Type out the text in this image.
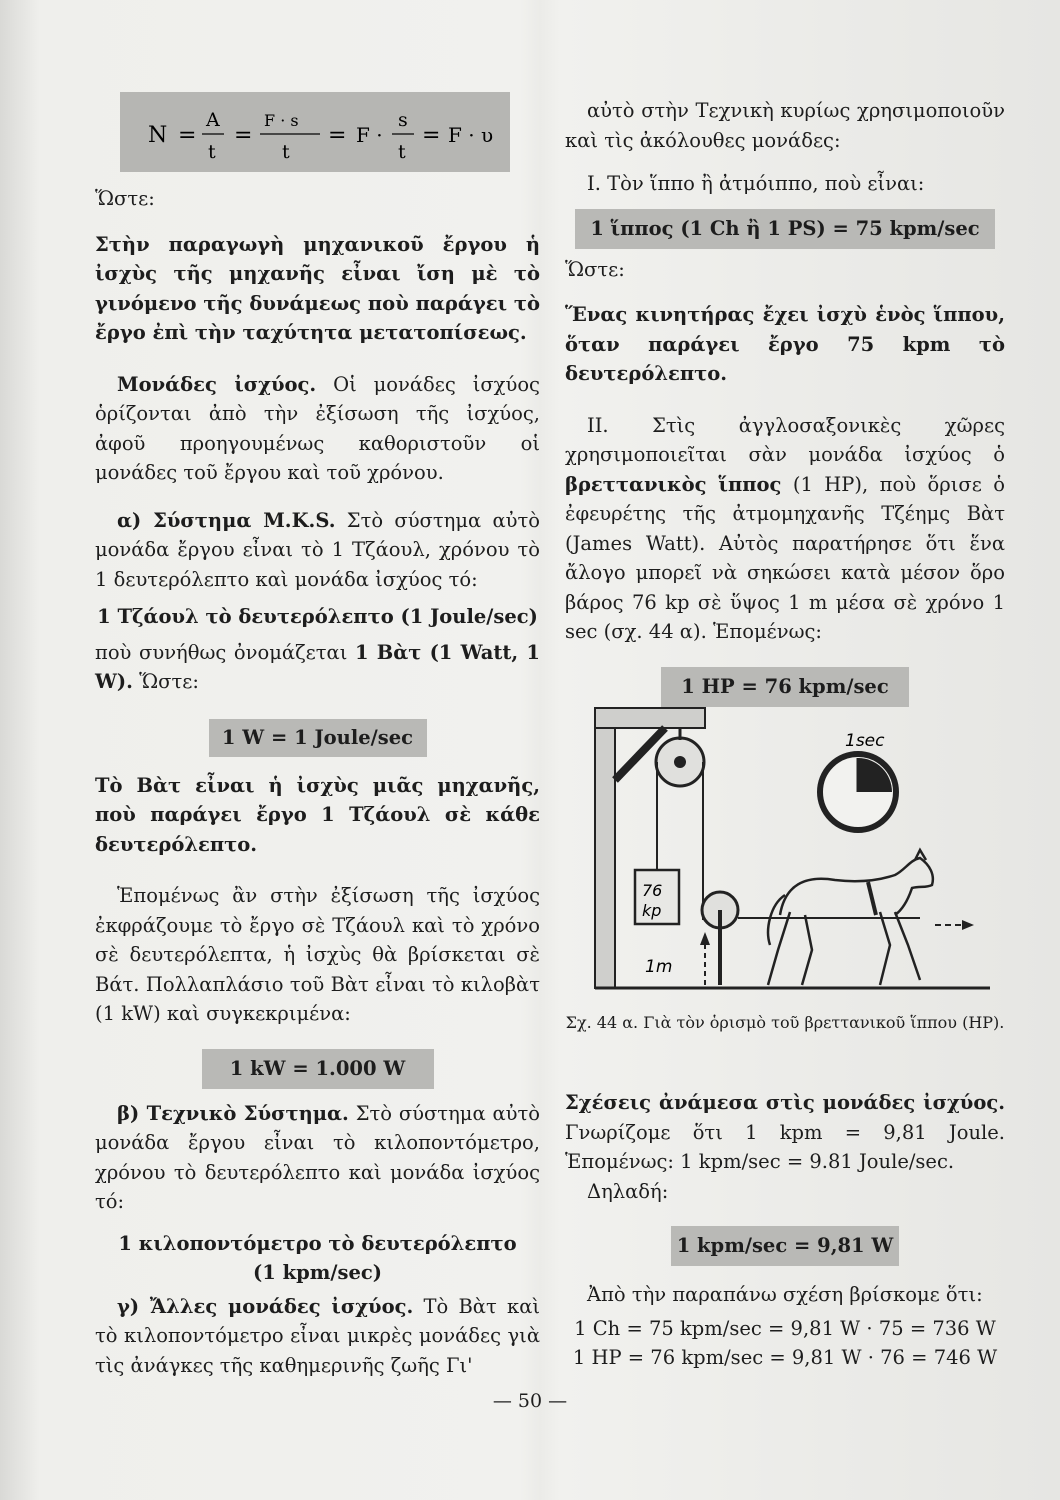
N =
A
t
=
F · s
t
= F ·
s
t
= F · υ

Ὥστε:

Στὴν παραγωγὴ μηχανικοῦ ἔργου ἡ ἰσχὺς τῆς μηχανῆς εἶναι ἴση μὲ τὸ γινόμενο τῆς δυνάμεως ποὺ παράγει τὸ ἔργο ἐπὶ τὴν ταχύτητα μετατοπίσεως.

Μονάδες ἰσχύος. Οἱ μονάδες ἰσχύος ὁρίζονται ἀπὸ τὴν ἐξίσωση τῆς ἰσχύος, ἀφοῦ προηγουμένως καθοριστοῦν οἱ μονάδες τοῦ ἔργου καὶ τοῦ χρόνου.

α) Σύστημα Μ.K.S. Στὸ σύστημα αὐτὸ μονάδα ἔργου εἶναι τὸ 1 Τζάουλ, χρόνου τὸ 1 δευτερόλεπτο καὶ μονάδα ἰσχύος τό:

1 Τζάουλ τὸ δευτερόλεπτο (1 Joule/sec)

ποὺ συνήθως ὀνομάζεται 1 Βὰτ (1 Watt, 1 W). Ὥστε:

1 W = 1 Joule/sec

Τὸ Βὰτ εἶναι ἡ ἰσχὺς μιᾶς μηχανῆς, ποὺ παράγει ἔργο 1 Τζάουλ σὲ κάθε δευτερόλεπτο.

Ἑπομένως ἂν στὴν ἐξίσωση τῆς ἰσχύος ἐκφράζουμε τὸ ἔργο σὲ Τζάουλ καὶ τὸ χρόνο σὲ δευτερόλεπτα, ἡ ἰσχὺς θὰ βρίσκεται σὲ Βάτ. Πολλαπλάσιο τοῦ Βὰτ εἶναι τὸ κιλοβὰτ (1 kW) καὶ συγκεκριμένα:

1 kW = 1.000 W

β) Τεχνικὸ Σύστημα. Στὸ σύστημα αὐτὸ μονάδα ἔργου εἶναι τὸ κιλοποντόμετρο, χρόνου τὸ δευτερόλεπτο καὶ μονάδα ἰσχύος τό:

1 κιλοποντόμετρο τὸ δευτερόλεπτο

(1 kpm/sec)

γ) Ἄλλες μονάδες ἰσχύος. Τὸ Βὰτ καὶ τὸ κιλοποντόμετρο εἶναι μικρὲς μονάδες γιὰ τὶς ἀνάγκες τῆς καθημερινῆς ζωῆς Γι'

αὐτὸ στὴν Τεχνικὴ κυρίως χρησιμοποιοῦν καὶ τὶς ἀκόλουθες μονάδες:

Ι. Τὸν ἵππο ἢ ἀτμόιππο, ποὺ εἶναι:

1 ἵππος (1 Ch ἢ 1 PS) = 75 kpm/sec

Ὥστε:

Ἕνας κινητήρας ἔχει ἰσχὺ ἑνὸς ἵππου, ὅταν παράγει ἔργο 75 kpm τὸ δευτερόλεπτο.

ΙΙ. Στὶς ἀγγλοσαξονικὲς χῶρες χρησιμοποιεῖται σὰν μονάδα ἰσχύος ὁ βρεττανικὸς ἵππος (1 HP), ποὺ ὅρισε ὁ ἐφευρέτης τῆς ἀτμομηχανῆς Τζέημς Βὰτ (James Watt). Αὐτὸς παρατήρησε ὅτι ἕνα ἄλογο μπορεῖ νὰ σηκώσει κατὰ μέσον ὅρο βάρος 76 kp σὲ ὕψος 1 m μέσα σὲ χρόνο 1 sec (σχ. 44 α). Ἑπομένως:

1 HP = 76 kpm/sec
76
kp
1m
1sec
Σχ. 44 α. Γιὰ τὸν ὁρισμὸ τοῦ βρεττανικοῦ ἵππου (HP).

Σχέσεις ἀνάμεσα στὶς μονάδες ἰσχύος. Γνωρίζομε ὅτι 1 kpm = 9,81 Joule. Ἑπομένως: 1 kpm/sec = 9.81 Joule/sec.

Δηλαδή:

1 kpm/sec = 9,81 W

Ἀπὸ τὴν παραπάνω σχέση βρίσκομε ὅτι:

1 Ch = 75 kpm/sec = 9,81 W · 75 = 736 W

1 HP = 76 kpm/sec = 9,81 W · 76 = 746 W

— 50 —
